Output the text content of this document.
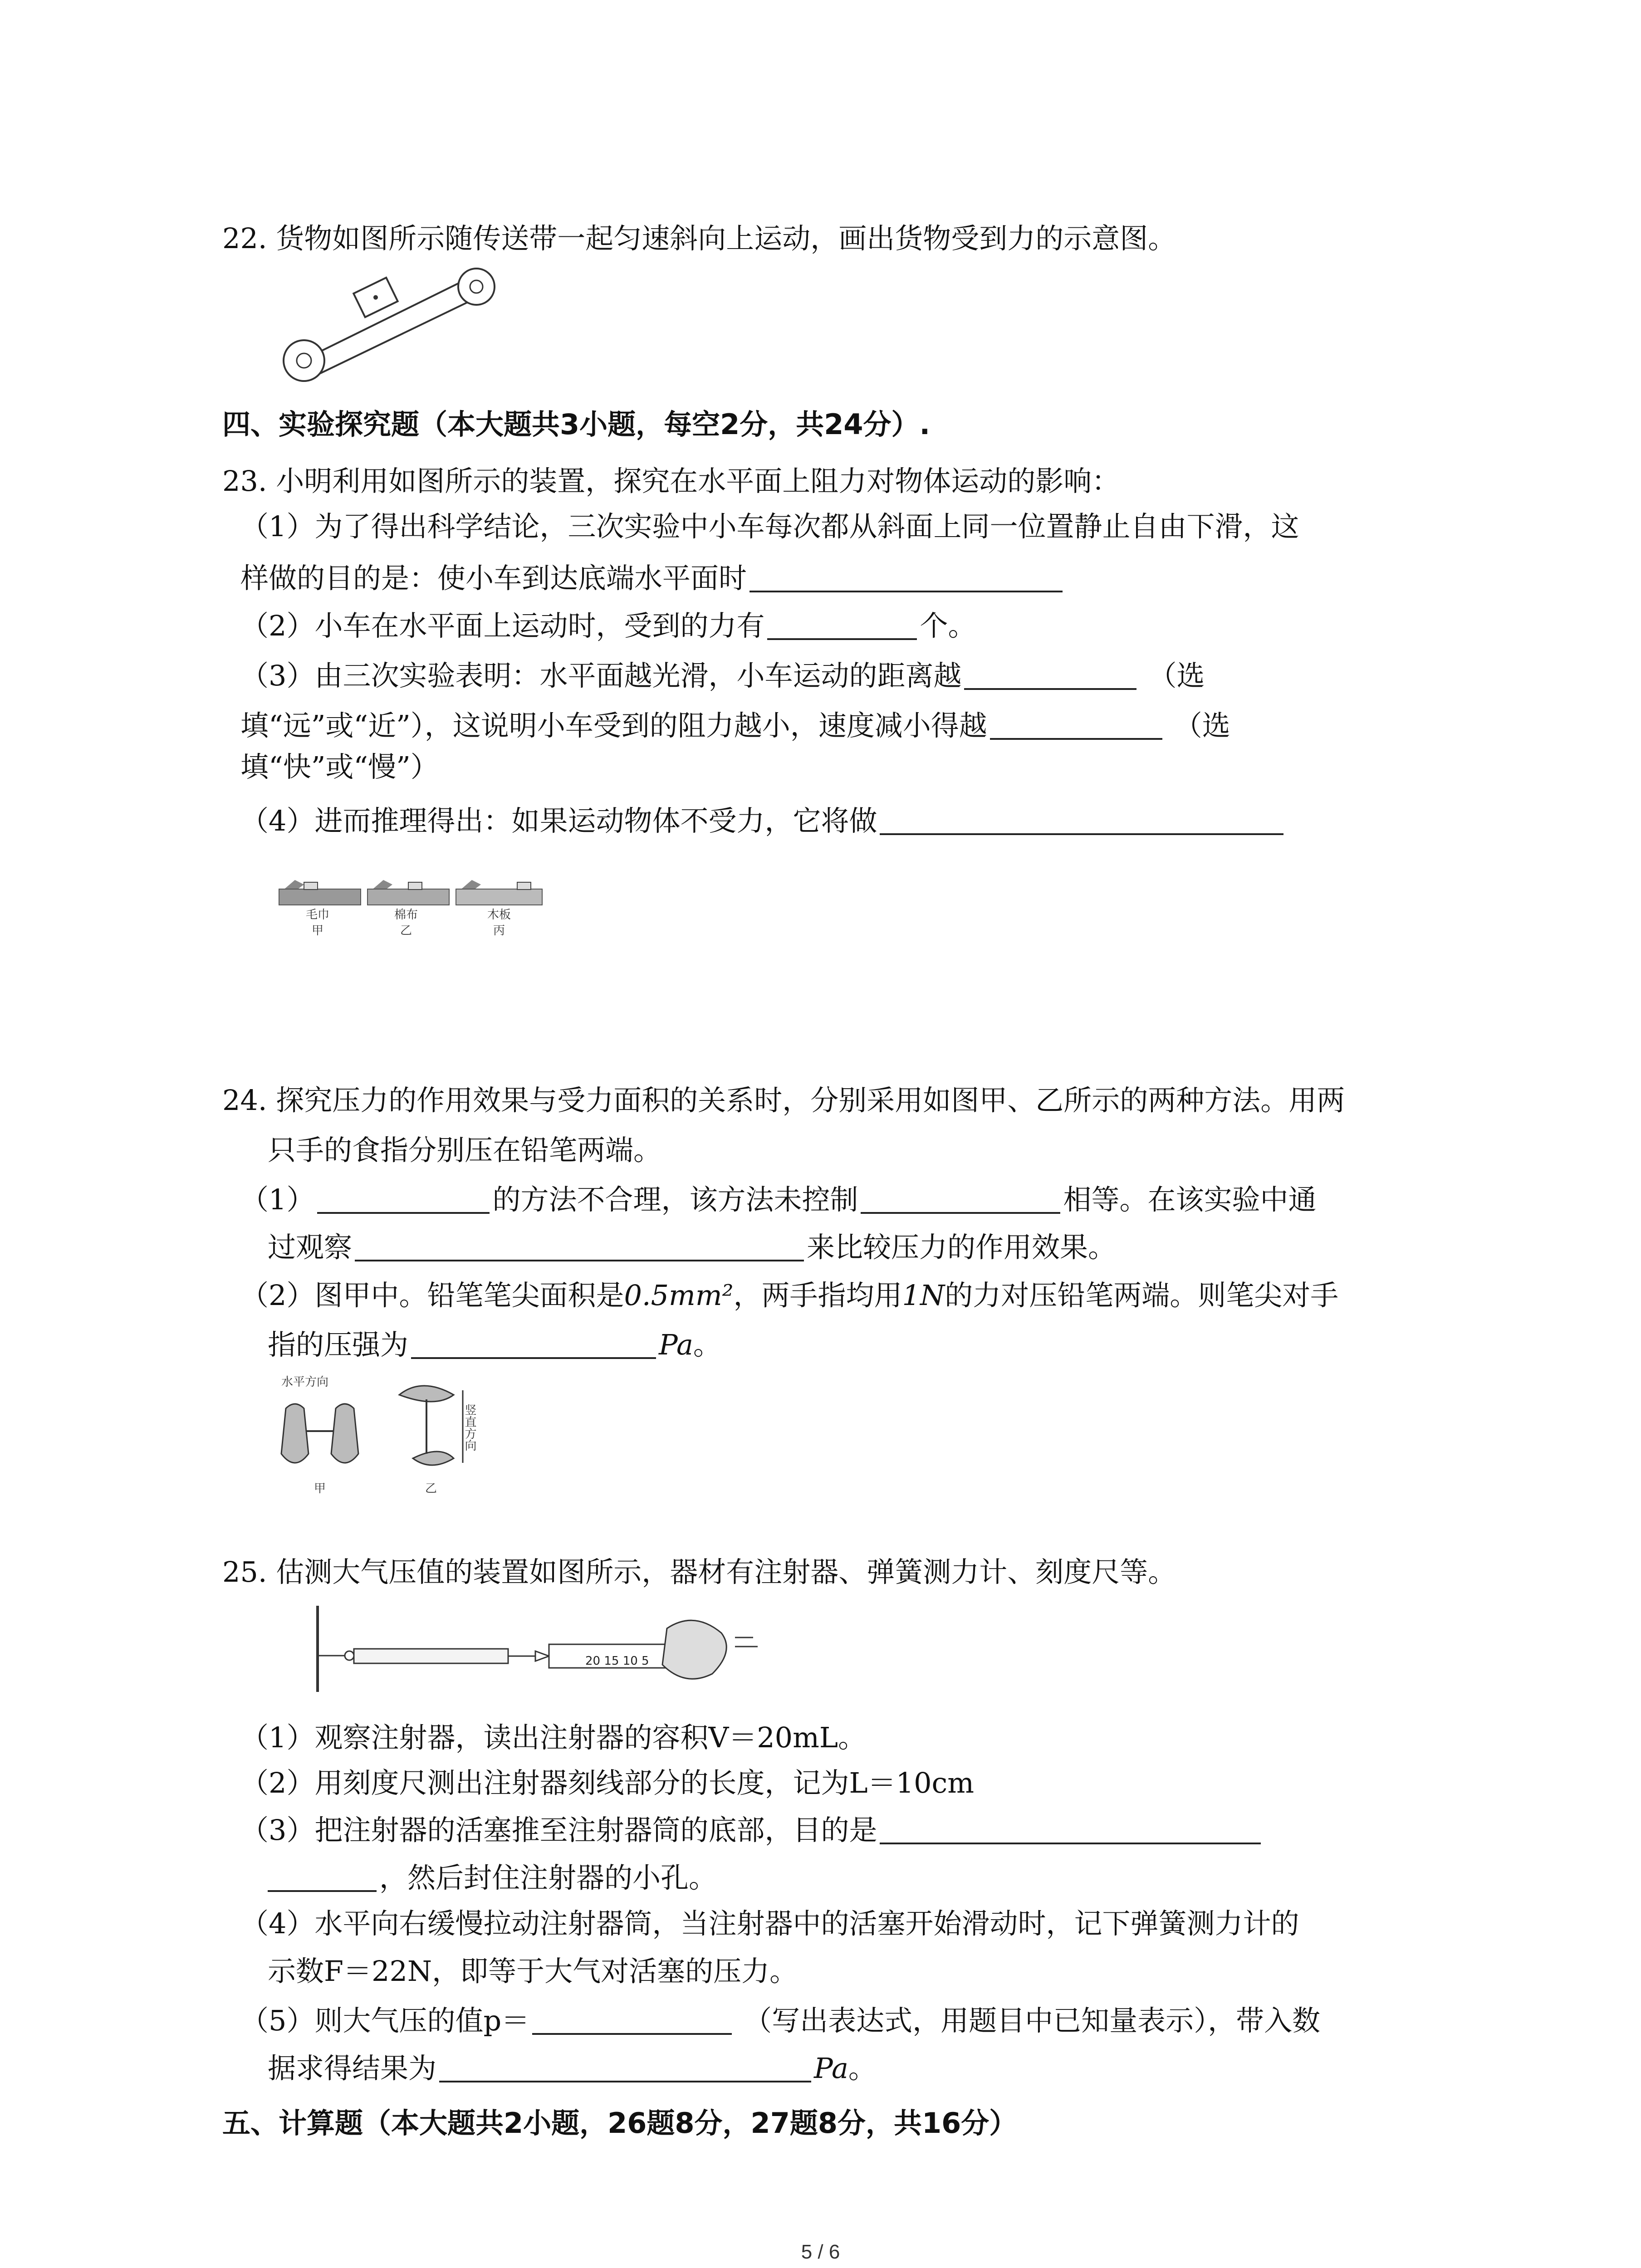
22. 货物如图所示随传送带一起匀速斜向上运动，画出货物受到力的示意图。
四、实验探究题（本大题共3小题，每空2分，共24分）.
23. 小明利用如图所示的装置，探究在水平面上阻力对物体运动的影响：
（1）为了得出科学结论，三次实验中小车每次都从斜面上同一位置静止自由下滑，这
样做的目的是：使小车到达底端水平面时
（2）小车在水平面上运动时，受到的力有	个。
（3）由三次实验表明：水平面越光滑，小车运动的距离越	（选
填“远”或“近”），这说明小车受到的阻力越小，速度减小得越	（选
填“快”或“慢”）
（4）进而推理得出：如果运动物体不受力，它将做
毛巾
甲
棉布
乙
木板
丙
24. 探究压力的作用效果与受力面积的关系时，分别采用如图甲、乙所示的两种方法。用两
只手的食指分别压在铅笔两端。
（1）	的方法不合理，该方法未控制	相等。在该实验中通
过观察	来比较压力的作用效果。
（2）图甲中。铅笔笔尖面积是0.5mm²，两手指均用1N的力对压铅笔两端。则笔尖对手
指的压强为	Pa。
水平方向
甲
竖直方向
乙
25. 估测大气压值的装置如图所示，器材有注射器、弹簧测力计、刻度尺等。
20 15 10 5
（1）观察注射器，读出注射器的容积V＝20mL。
（2）用刻度尺测出注射器刻线部分的长度，记为L＝10cm
（3）把注射器的活塞推至注射器筒的底部，目的是
，然后封住注射器的小孔。
（4）水平向右缓慢拉动注射器筒，当注射器中的活塞开始滑动时，记下弹簧测力计的
示数F＝22N，即等于大气对活塞的压力。
（5）则大气压的值p＝	（写出表达式，用题目中已知量表示），带入数
据求得结果为	Pa。
五、计算题（本大题共2小题，26题8分，27题8分，共16分）
5 / 6
